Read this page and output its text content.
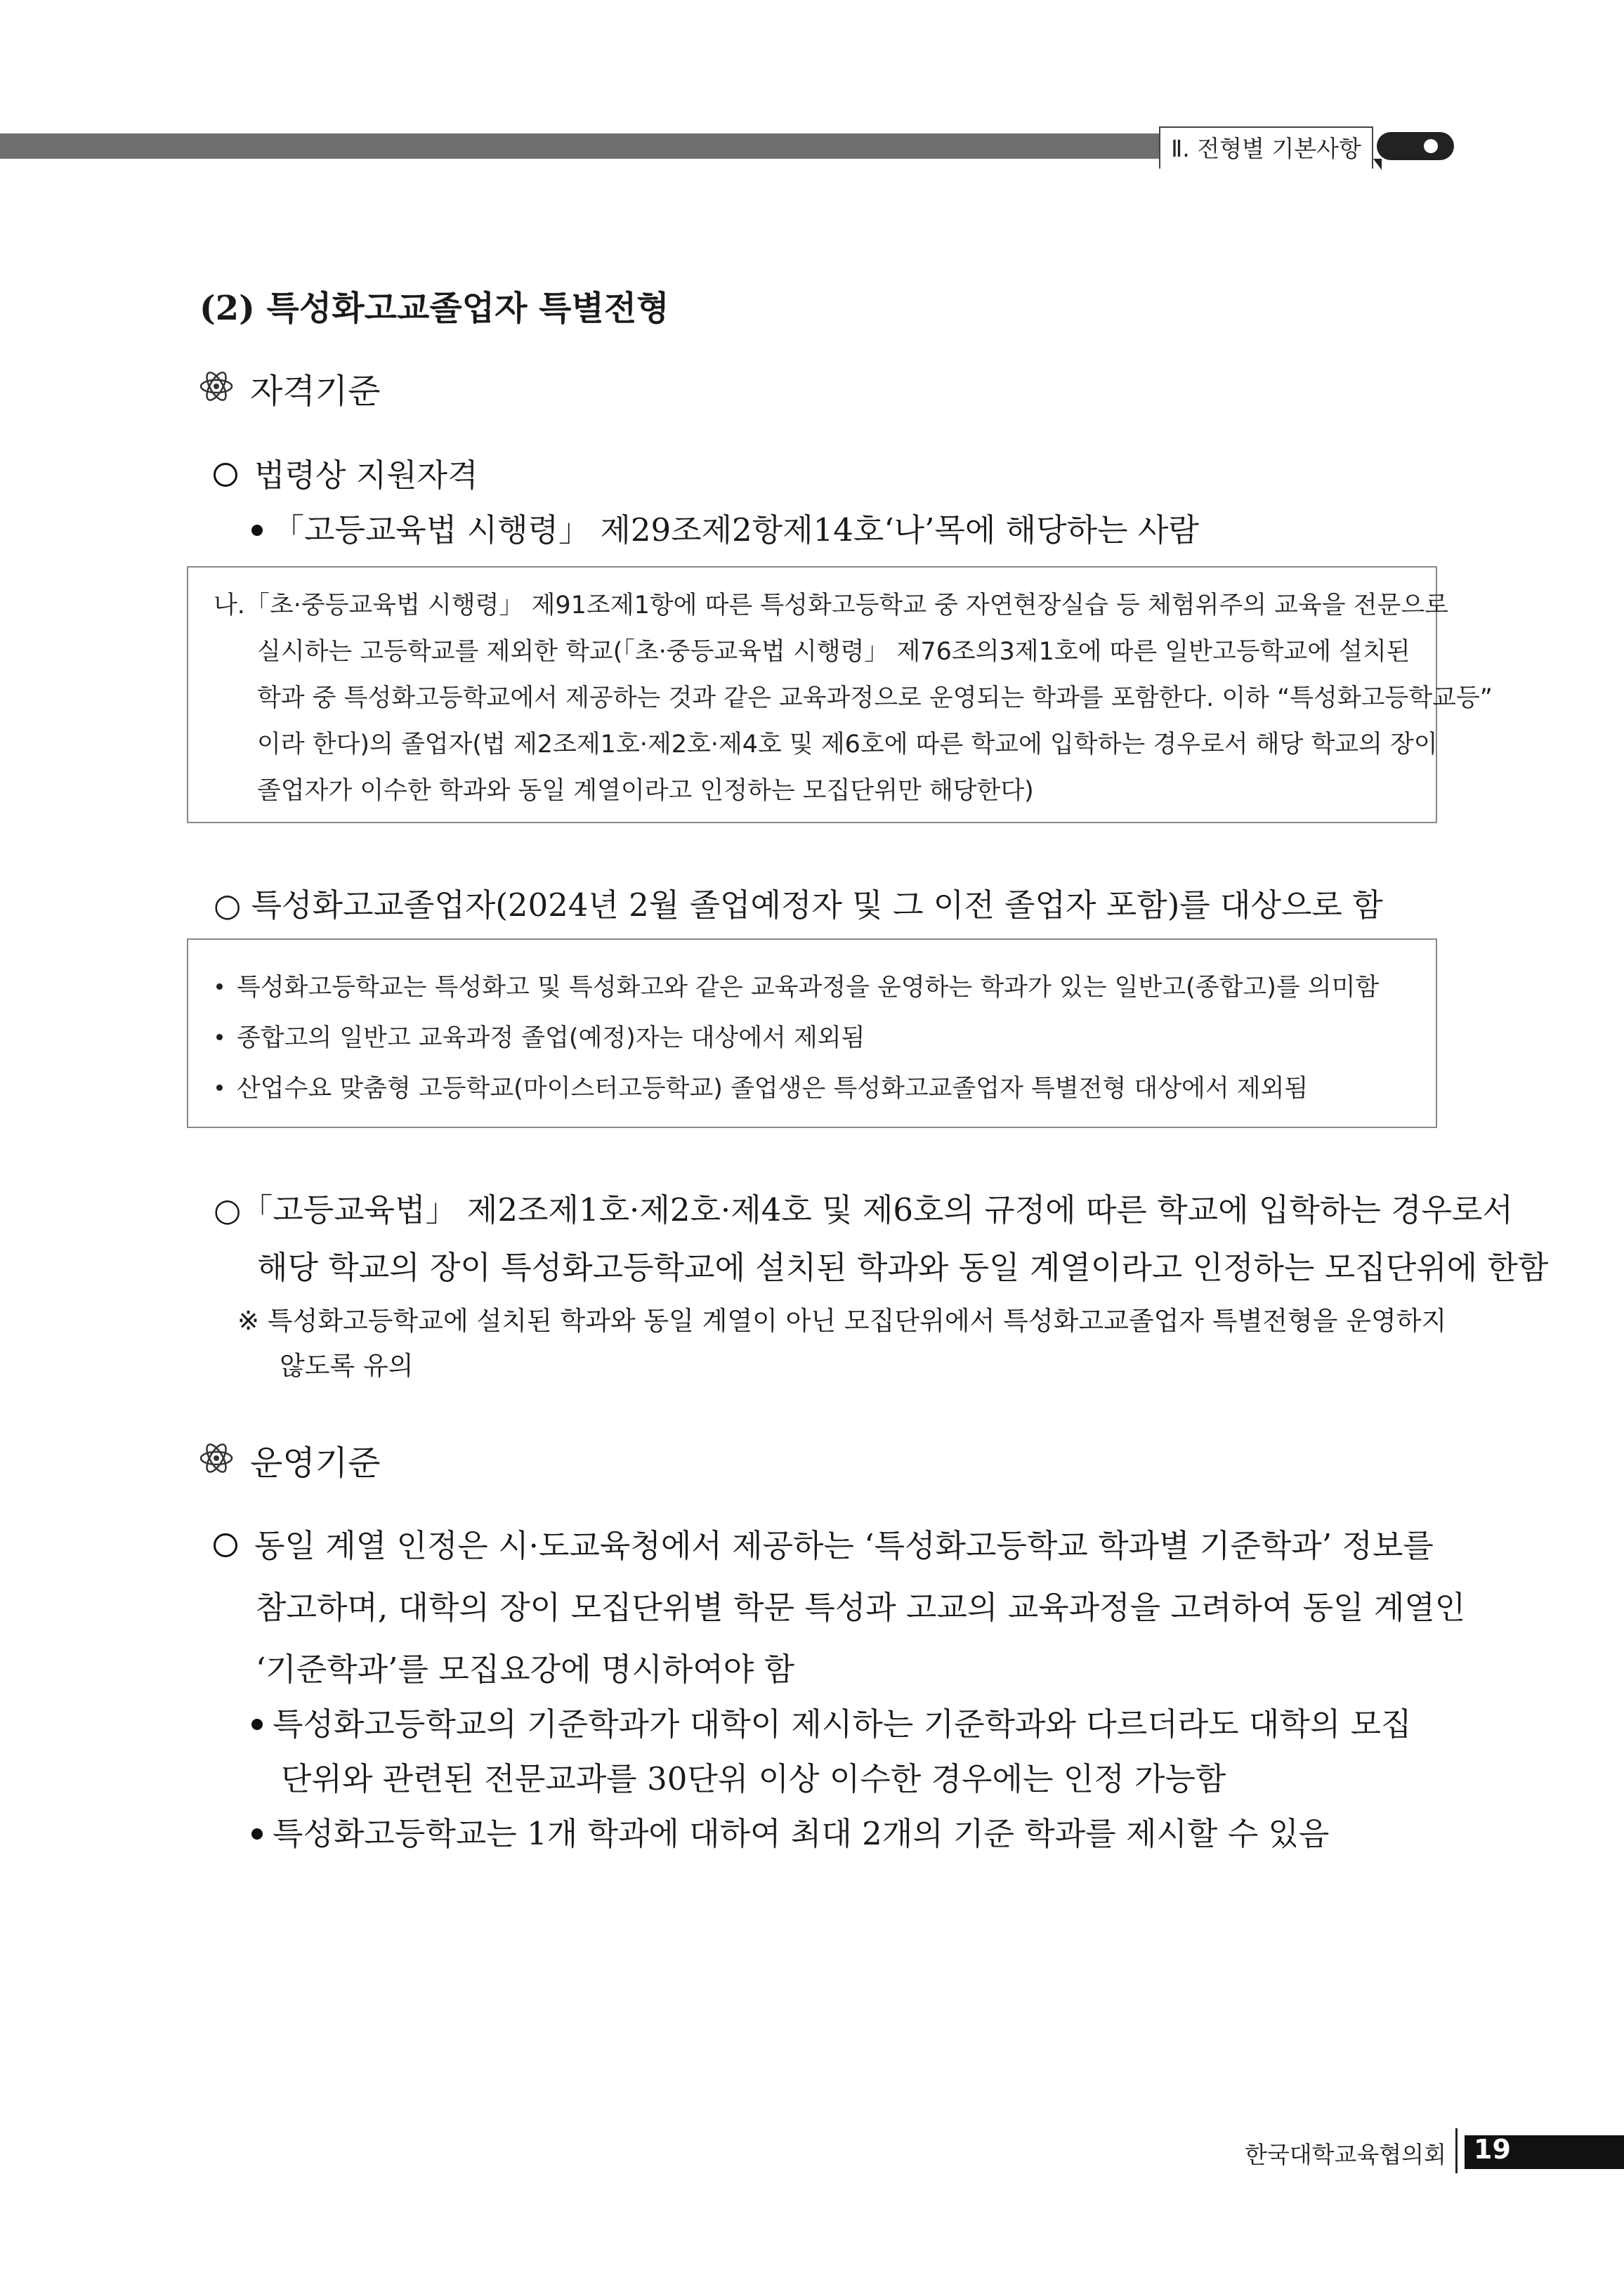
Ⅱ. 전형별 기본사항
(2) 특성화고교졸업자 특별전형
자격기준
법령상 지원자격
「고등교육법 시행령」 제29조제2항제14호‘나’목에 해당하는 사람
나.「초·중등교육법 시행령」 제91조제1항에 따른 특성화고등학교 중 자연현장실습 등 체험위주의 교육을 전문으로
실시하는 고등학교를 제외한 학교(「초·중등교육법 시행령」 제76조의3제1호에 따른 일반고등학교에 설치된
학과 중 특성화고등학교에서 제공하는 것과 같은 교육과정으로 운영되는 학과를 포함한다. 이하 “특성화고등학교등”
이라 한다)의 졸업자(법 제2조제1호·제2호·제4호 및 제6호에 따른 학교에 입학하는 경우로서 해당 학교의 장이
졸업자가 이수한 학과와 동일 계열이라고 인정하는 모집단위만 해당한다)
○ 특성화고교졸업자(2024년 2월 졸업예정자 및 그 이전 졸업자 포함)를 대상으로 함
특성화고등학교는 특성화고 및 특성화고와 같은 교육과정을 운영하는 학과가 있는 일반고(종합고)를 의미함
종합고의 일반고 교육과정 졸업(예정)자는 대상에서 제외됨
산업수요 맞춤형 고등학교(마이스터고등학교) 졸업생은 특성화고교졸업자 특별전형 대상에서 제외됨
○「고등교육법」 제2조제1호·제2호·제4호 및 제6호의 규정에 따른 학교에 입학하는 경우로서
해당 학교의 장이 특성화고등학교에 설치된 학과와 동일 계열이라고 인정하는 모집단위에 한함
※ 특성화고등학교에 설치된 학과와 동일 계열이 아닌 모집단위에서 특성화고교졸업자 특별전형을 운영하지
않도록 유의
운영기준
동일 계열 인정은 시·도교육청에서 제공하는 ‘특성화고등학교 학과별 기준학과’ 정보를
참고하며, 대학의 장이 모집단위별 학문 특성과 고교의 교육과정을 고려하여 동일 계열인
‘기준학과’를 모집요강에 명시하여야 함
특성화고등학교의 기준학과가 대학이 제시하는 기준학과와 다르더라도 대학의 모집
단위와 관련된 전문교과를 30단위 이상 이수한 경우에는 인정 가능함
특성화고등학교는 1개 학과에 대하여 최대 2개의 기준 학과를 제시할 수 있음
한국대학교육협의회 19
